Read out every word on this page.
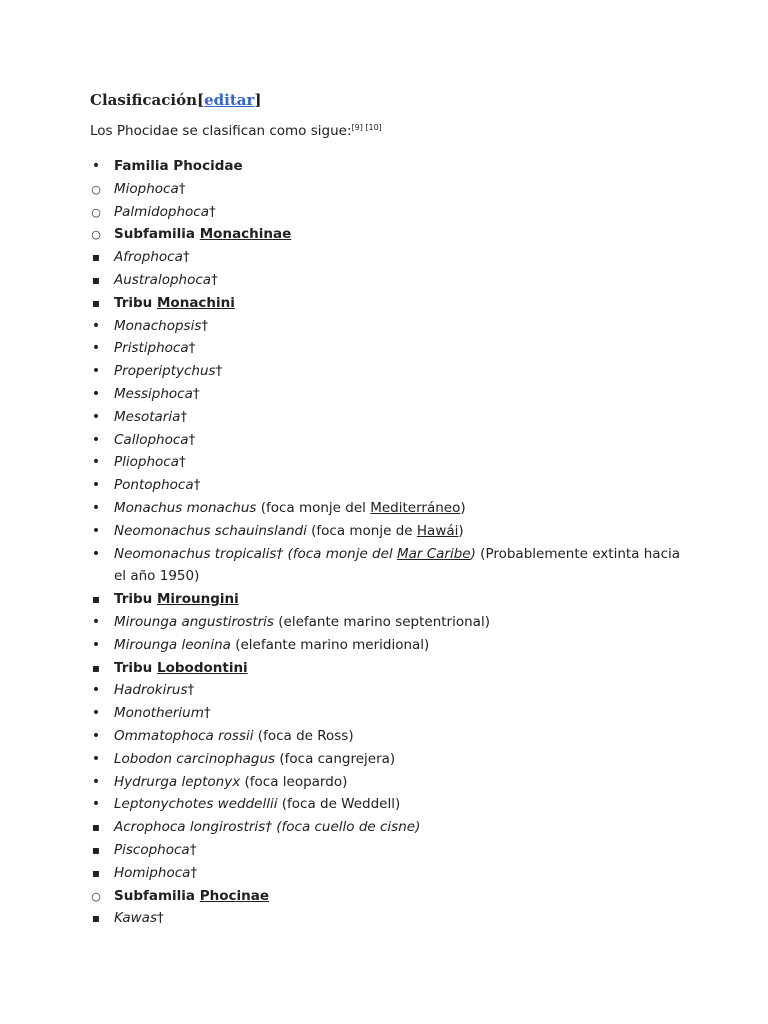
Clasificación[editar]

Los Phocidae se clasifican como sigue:[9] [10]

•
Familia Phocidae
○
Miophoca†
○
Palmidophoca†
○
Subfamilia Monachinae
▪
Afrophoca†
▪
Australophoca†
▪
Tribu Monachini
•
Monachopsis†
•
Pristiphoca†
•
Properiptychus†
•
Messiphoca†
•
Mesotaria†
•
Callophoca†
•
Pliophoca†
•
Pontophoca†
•
Monachus monachus (foca monje del Mediterráneo)
•
Neomonachus schauinslandi (foca monje de Hawái)
•
Neomonachus tropicalis† (foca monje del Mar Caribe) (Probablemente extinta hacia el año 1950)
▪
Tribu Miroungini
•
Mirounga angustirostris (elefante marino septentrional)
•
Mirounga leonina (elefante marino meridional)
▪
Tribu Lobodontini
•
Hadrokirus†
•
Monotherium†
•
Ommatophoca rossii (foca de Ross)
•
Lobodon carcinophagus (foca cangrejera)
•
Hydrurga leptonyx (foca leopardo)
•
Leptonychotes weddellii (foca de Weddell)
▪
Acrophoca longirostris† (foca cuello de cisne)
▪
Piscophoca†
▪
Homiphoca†
○
Subfamilia Phocinae
▪
Kawas†
